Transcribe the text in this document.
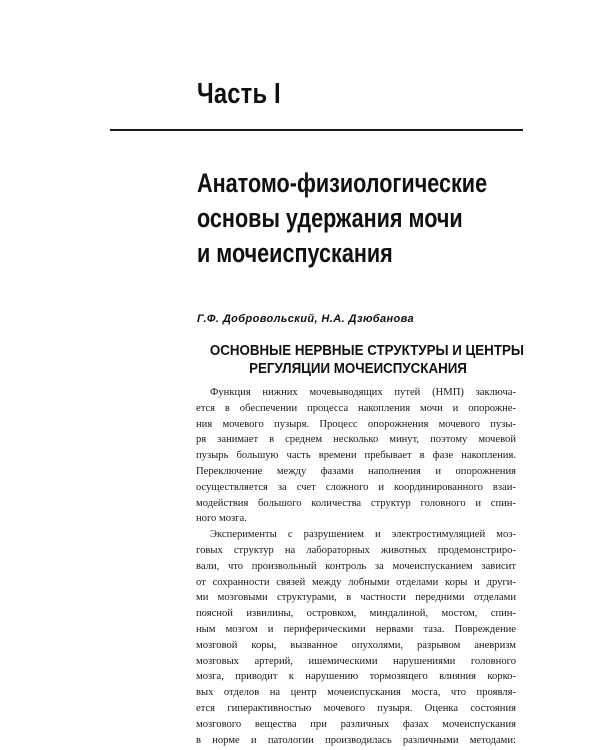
Часть I
Анатомо-физиологические
основы удержания мочи
и мочеиспускания

Г.Ф. Добровольский, Н.А. Дзюбанова

ОСНОВНЫЕ НЕРВНЫЕ СТРУКТУРЫ И ЦЕНТРЫ
РЕГУЛЯЦИИ МОЧЕИСПУСКАНИЯ

Функция нижних мочевыводящих путей (НМП) заключа-
ется в обеспечении процесса накопления мочи и опорожне-
ния мочевого пузыря. Процесс опорожнения мочевого пузы-
ря занимает в среднем несколько минут, поэтому мочевой
пузырь большую часть времени пребывает в фазе накопления.
Переключение между фазами наполнения и опорожнения
осуществляется за счет сложного и координированного взаи-
модействия большого количества структур головного и спин-
ного мозга.

Эксперименты с разрушением и электростимуляцией моз-
говых структур на лабораторных животных продемонстриро-
вали, что произвольный контроль за мочеиспусканием зависит
от сохранности связей между лобными отделами коры и други-
ми мозговыми структурами, в частности передними отделами
поясной извилины, островком, миндалиной, мостом, спин-
ным мозгом и периферическими нервами таза. Повреждение
мозговой коры, вызванное опухолями, разрывом аневризм
мозговых артерий, ишемическими нарушениями головного
мозга, приводит к нарушению тормозящего влияния корко-
вых отделов на центр мочеиспускания моста, что проявля-
ется гиперактивностью мочевого пузыря. Оценка состояния
мозгового вещества при различных фазах мочеиспускания
в норме и патологии производилась различными методами:
